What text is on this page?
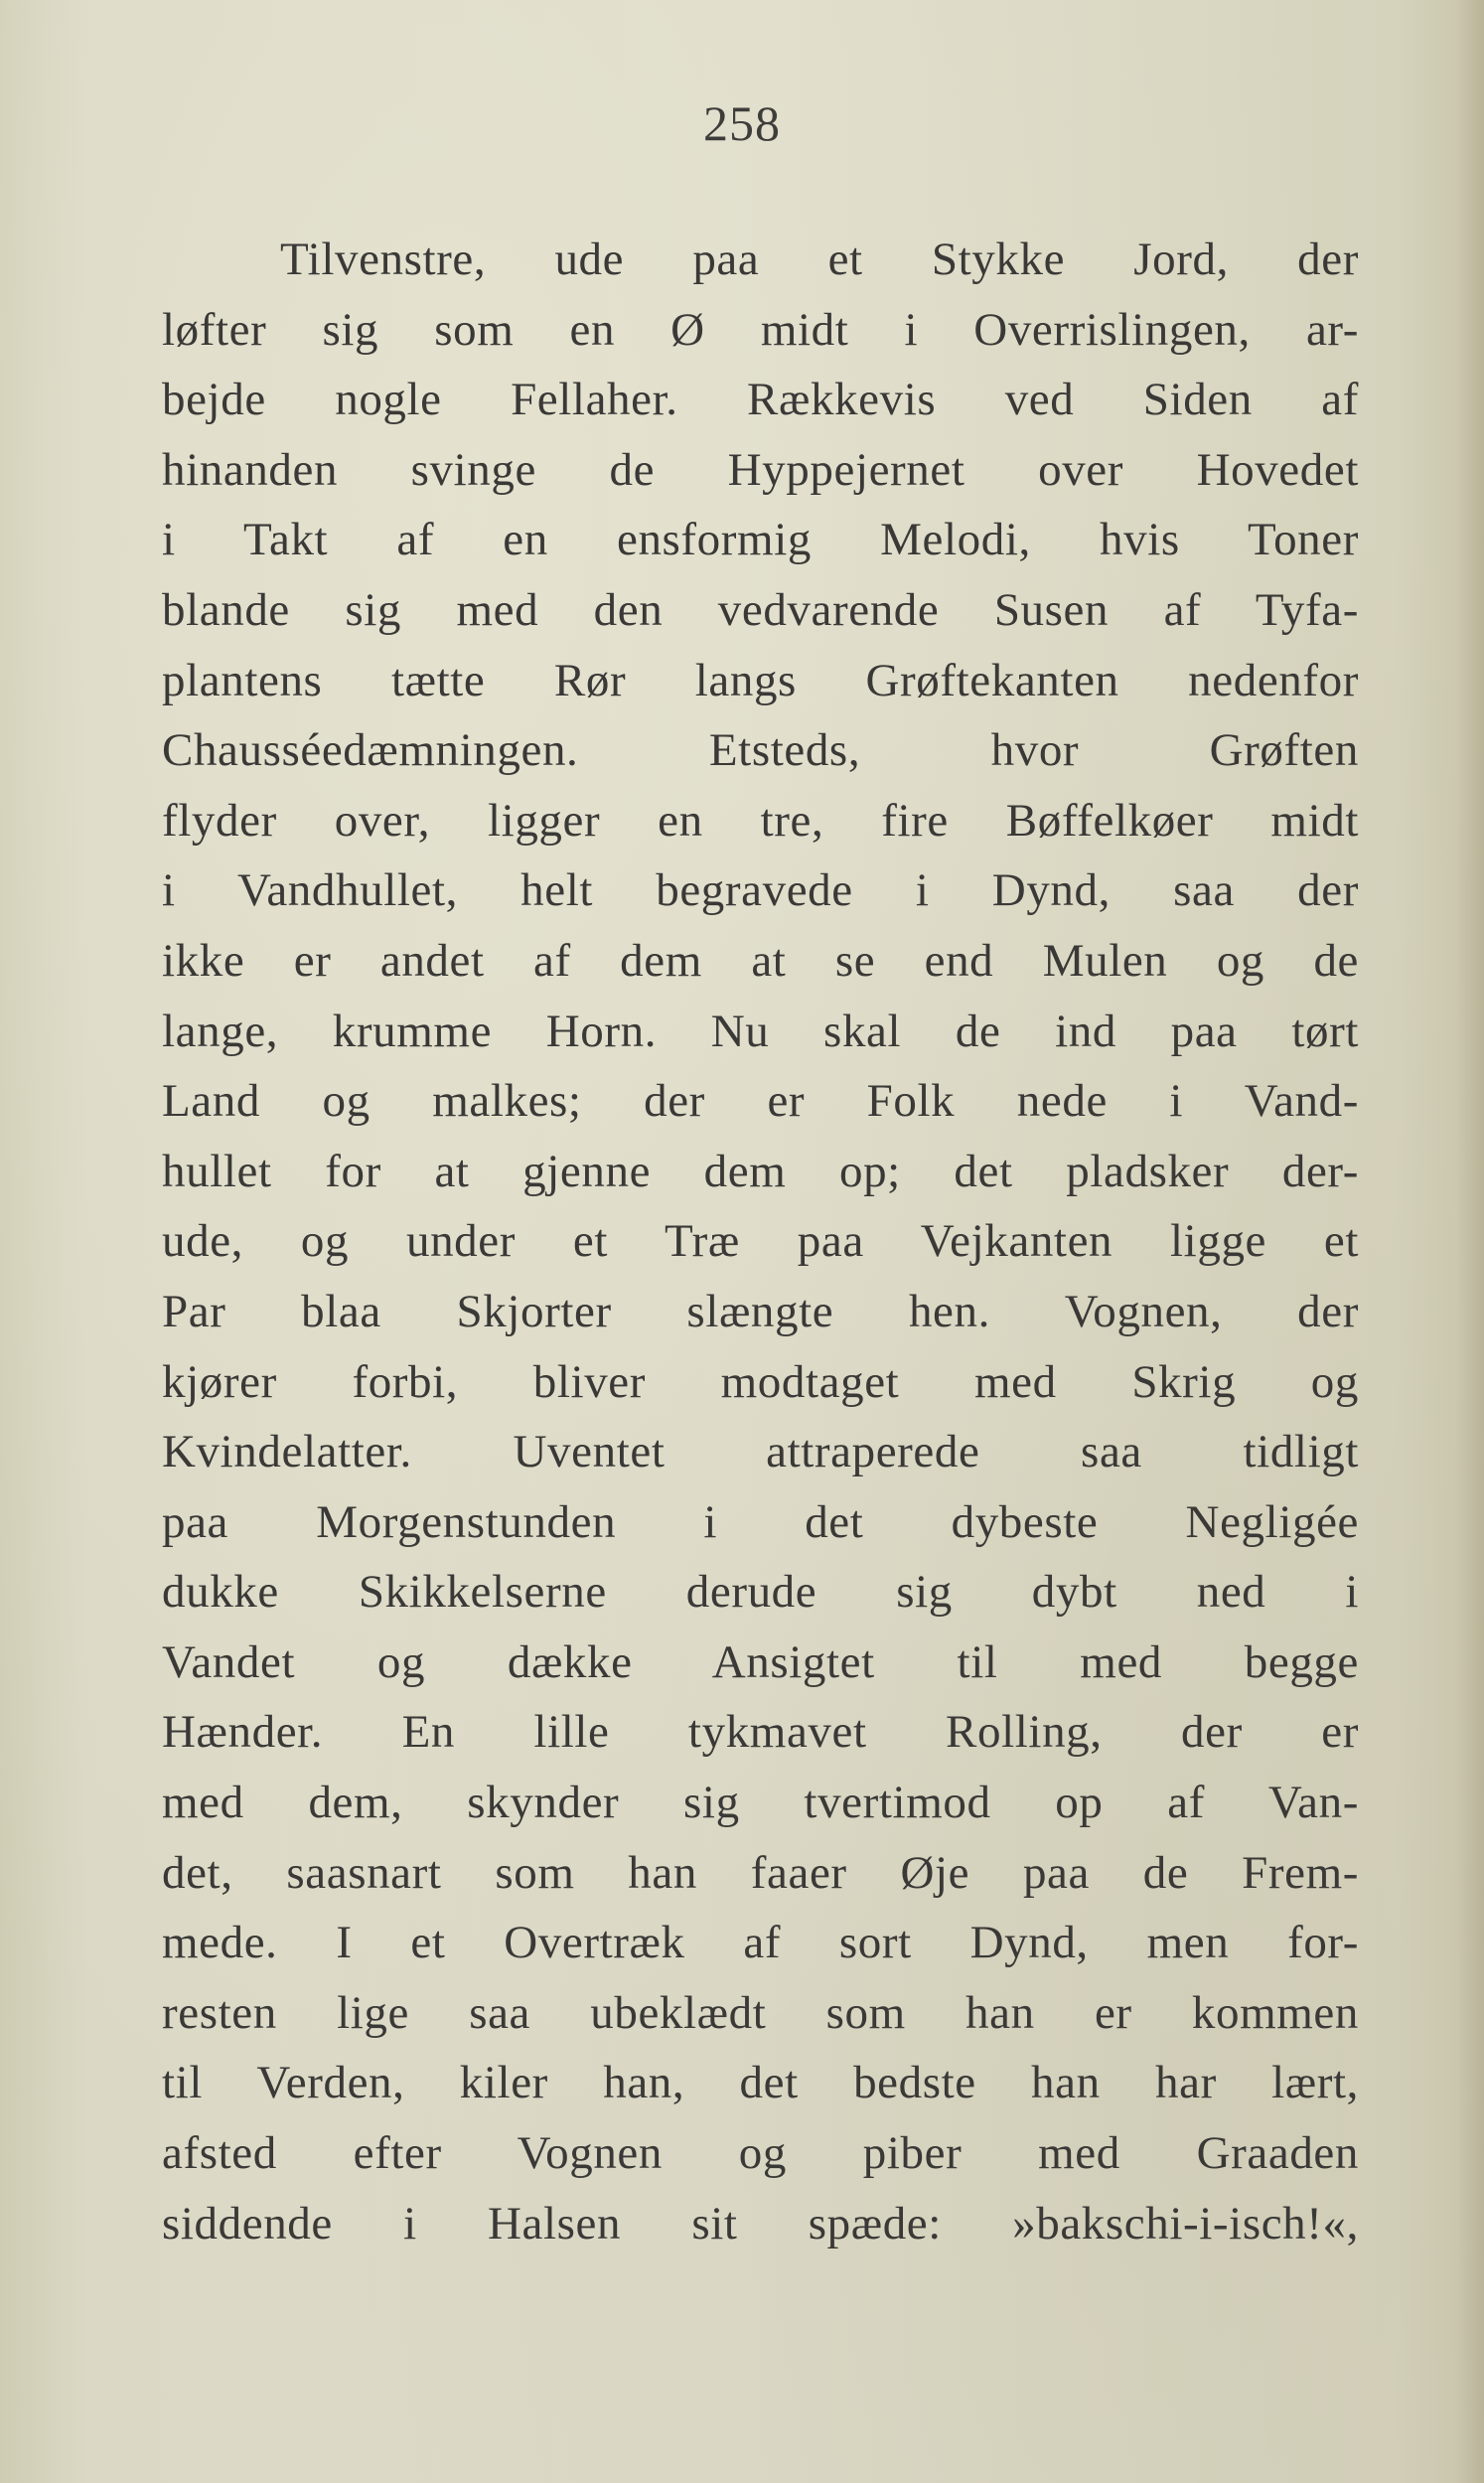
258
Tilvenstre, ude paa et Stykke Jord, der
løfter sig som en Ø midt i Overrislingen, ar-
bejde nogle Fellaher. Rækkevis ved Siden af
hinanden svinge de Hyppejernet over Hovedet
i Takt af en ensformig Melodi, hvis Toner
blande sig med den vedvarende Susen af Tyfa-
plantens tætte Rør langs Grøftekanten nedenfor
Chausséedæmningen. Etsteds, hvor Grøften
flyder over, ligger en tre, fire Bøffelkøer midt
i Vandhullet, helt begravede i Dynd, saa der
ikke er andet af dem at se end Mulen og de
lange, krumme Horn. Nu skal de ind paa tørt
Land og malkes; der er Folk nede i Vand-
hullet for at gjenne dem op; det pladsker der-
ude, og under et Træ paa Vejkanten ligge et
Par blaa Skjorter slængte hen. Vognen, der
kjører forbi, bliver modtaget med Skrig og
Kvindelatter. Uventet attraperede saa tidligt
paa Morgenstunden i det dybeste Negligée
dukke Skikkelserne derude sig dybt ned i
Vandet og dække Ansigtet til med begge
Hænder. En lille tykmavet Rolling, der er
med dem, skynder sig tvertimod op af Van-
det, saasnart som han faaer Øje paa de Frem-
mede. I et Overtræk af sort Dynd, men for-
resten lige saa ubeklædt som han er kommen
til Verden, kiler han, det bedste han har lært,
afsted efter Vognen og piber med Graaden
siddende i Halsen sit spæde: »bakschi-i-isch!«,
